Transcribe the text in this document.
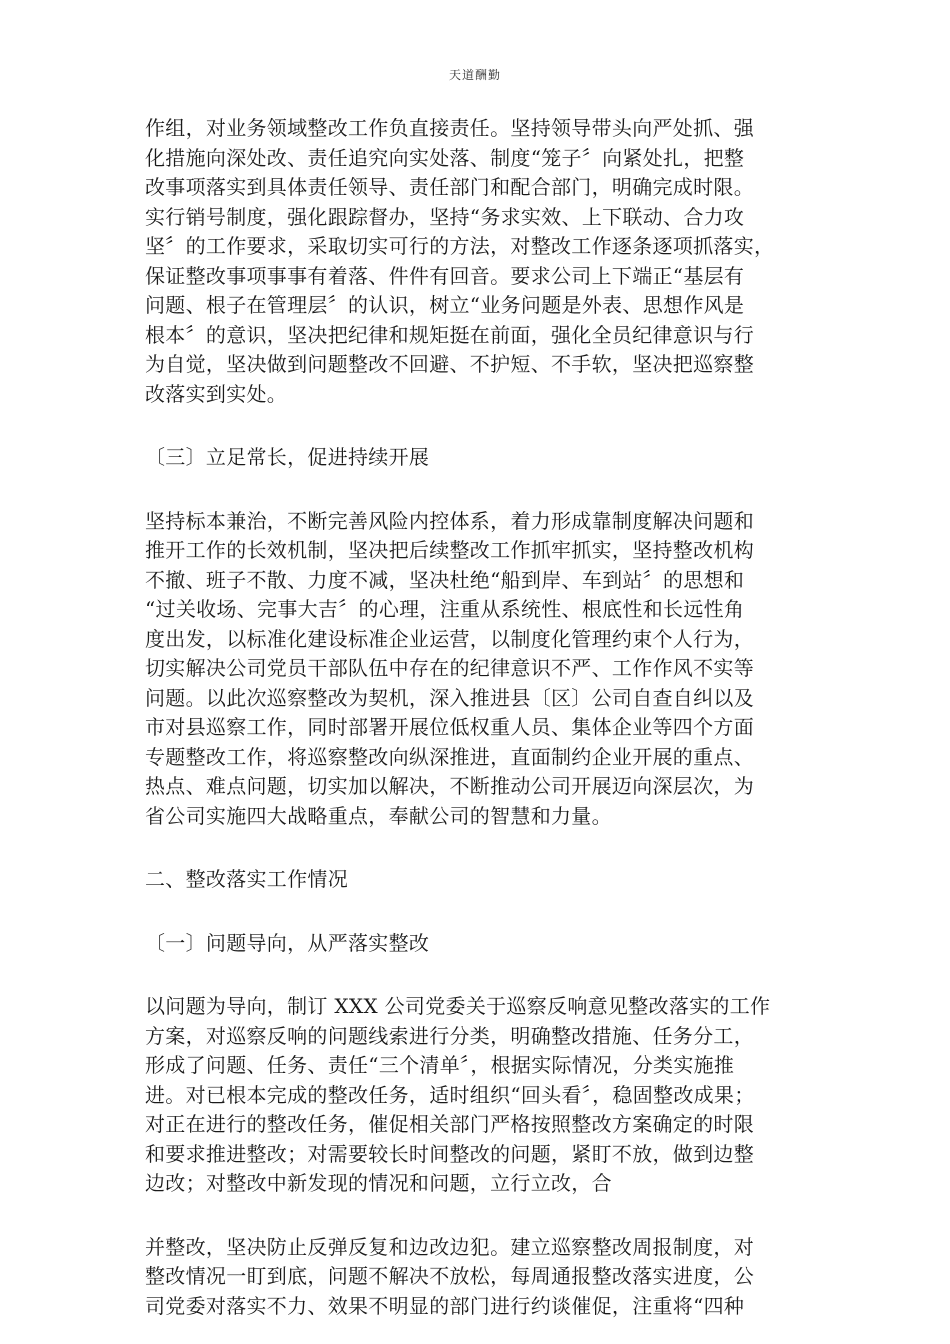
天道酬勤

作组，对业务领域整改工作负直接责任。坚持领导带头向严处抓、强
化措施向深处改、责任追究向实处落、制度“笼子〞向紧处扎，把整
改事项落实到具体责任领导、责任部门和配合部门，明确完成时限。
实行销号制度，强化跟踪督办，坚持“务求实效、上下联动、合力攻
坚〞的工作要求，采取切实可行的方法，对整改工作逐条逐项抓落实，
保证整改事项事事有着落、件件有回音。要求公司上下端正“基层有
问题、根子在管理层〞的认识，树立“业务问题是外表、思想作风是
根本〞的意识，坚决把纪律和规矩挺在前面，强化全员纪律意识与行
为自觉，坚决做到问题整改不回避、不护短、不手软，坚决把巡察整
改落实到实处。

〔三〕立足常长，促进持续开展

坚持标本兼治，不断完善风险内控体系，着力形成靠制度解决问题和
推开工作的长效机制，坚决把后续整改工作抓牢抓实，坚持整改机构
不撤、班子不散、力度不减，坚决杜绝“船到岸、车到站〞的思想和
“过关收场、完事大吉〞的心理，注重从系统性、根底性和长远性角
度出发，以标准化建设标准企业运营，以制度化管理约束个人行为，
切实解决公司党员干部队伍中存在的纪律意识不严、工作作风不实等
问题。以此次巡察整改为契机，深入推进县〔区〕公司自查自纠以及
市对县巡察工作，同时部署开展位低权重人员、集体企业等四个方面
专题整改工作，将巡察整改向纵深推进，直面制约企业开展的重点、
热点、难点问题，切实加以解决，不断推动公司开展迈向深层次，为
省公司实施四大战略重点，奉献公司的智慧和力量。

二、整改落实工作情况

〔一〕问题导向，从严落实整改

以问题为导向，制订 XXX 公司党委关于巡察反响意见整改落实的工作
方案，对巡察反响的问题线索进行分类，明确整改措施、任务分工，
形成了问题、任务、责任“三个清单〞，根据实际情况，分类实施推
进。对已根本完成的整改任务，适时组织“回头看〞，稳固整改成果；
对正在进行的整改任务，催促相关部门严格按照整改方案确定的时限
和要求推进整改；对需要较长时间整改的问题，紧盯不放，做到边整
边改；对整改中新发现的情况和问题，立行立改，合

并整改，坚决防止反弹反复和边改边犯。建立巡察整改周报制度，对
整改情况一盯到底，问题不解决不放松，每周通报整改落实进度，公
司党委对落实不力、效果不明显的部门进行约谈催促，注重将“四种
